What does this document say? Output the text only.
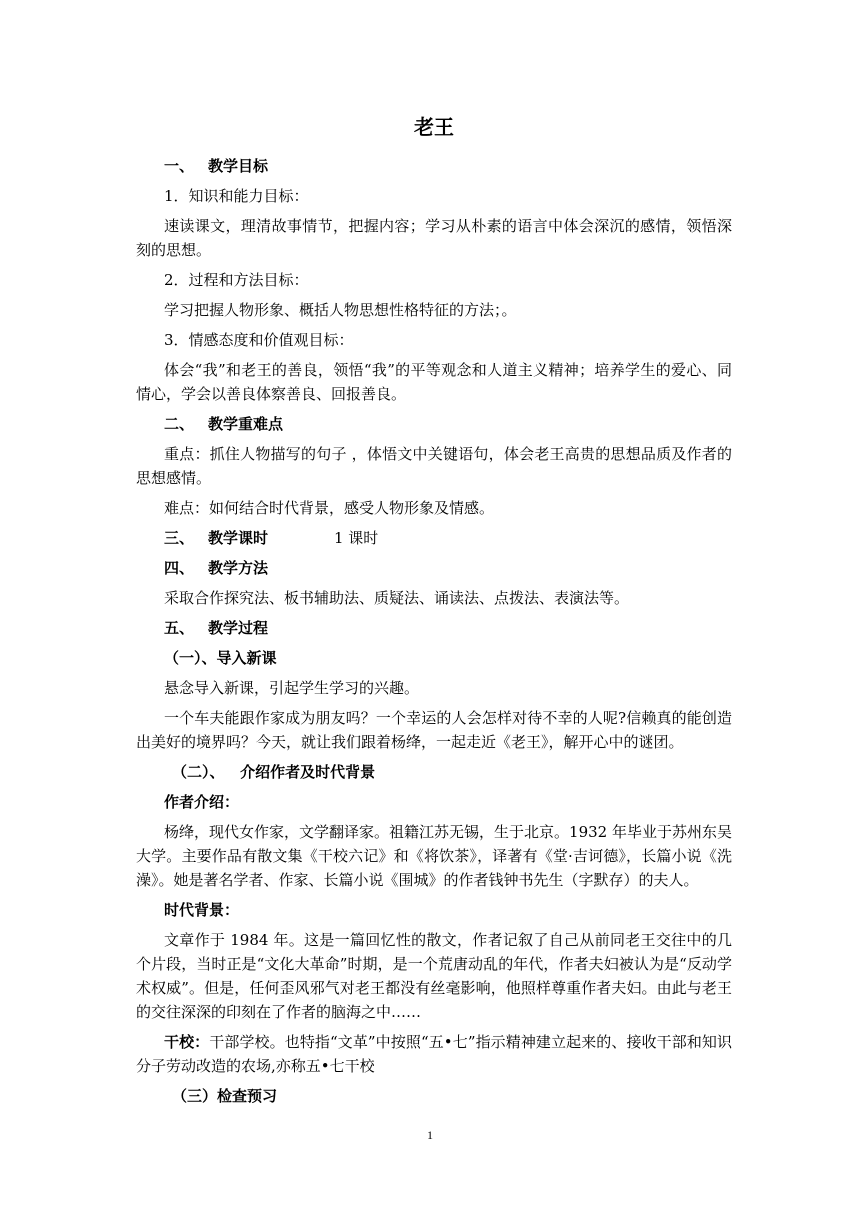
老王
一、 教学目标
1．知识和能力目标：

速读课文，理清故事情节，把握内容；学习从朴素的语言中体会深沉的感情，领悟深刻的思想。

2．过程和方法目标：

学习把握人物形象、概括人物思想性格特征的方法；。

3．情感态度和价值观目标：

体会“我”和老王的善良，领悟“我”的平等观念和人道主义精神；培养学生的爱心、同情心，学会以善良体察善良、回报善良。

二、 教学重难点

重点：抓住人物描写的句子 ，体悟文中关键语句，体会老王高贵的思想品质及作者的思想感情。

难点：如何结合时代背景，感受人物形象及情感。

三、 教学课时	1 课时
四、 教学方法

采取合作探究法、板书辅助法、质疑法、诵读法、点拨法、表演法等。

五、 教学过程
（一）、导入新课

悬念导入新课，引起学生学习的兴趣。

一个车夫能跟作家成为朋友吗？一个幸运的人会怎样对待不幸的人呢?信赖真的能创造出美好的境界吗？今天，就让我们跟着杨绛，一起走近《老王》，解开心中的谜团。

（二）、   介绍作者及时代背景
作者介绍：

杨绛，现代女作家，文学翻译家。祖籍江苏无锡，生于北京。1932 年毕业于苏州东吴大学。主要作品有散文集《干校六记》和《将饮茶》，译著有《堂·吉诃德》，长篇小说《洗澡》。她是著名学者、作家、长篇小说《围城》的作者钱钟书先生（字默存）的夫人。

时代背景：

文章作于 1984 年。这是一篇回忆性的散文，作者记叙了自己从前同老王交往中的几个片段，当时正是“文化大革命”时期，是一个荒唐动乱的年代，作者夫妇被认为是“反动学术权威”。但是，任何歪风邪气对老王都没有丝毫影响，他照样尊重作者夫妇。由此与老王的交往深深的印刻在了作者的脑海之中……

干校：干部学校。也特指“文革”中按照“五•七”指示精神建立起来的、接收干部和知识分子劳动改造的农场,亦称五•七干校

（三）检查预习
1
